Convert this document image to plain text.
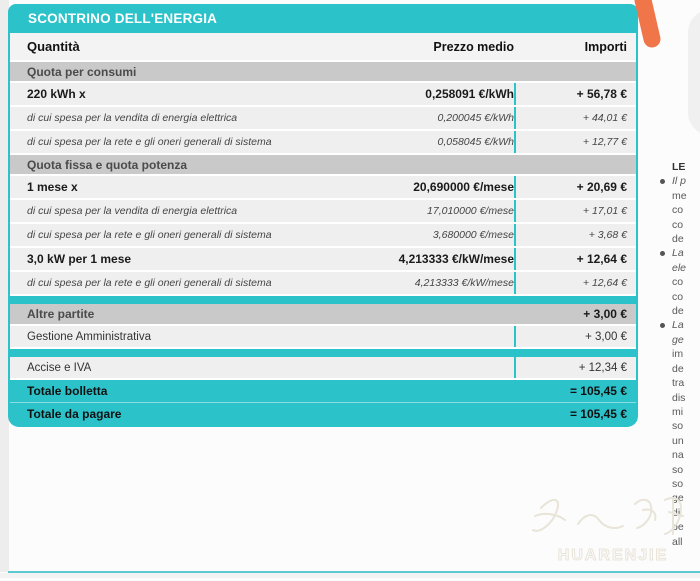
SCONTRINO DELL'ENERGIA
Quantità	Prezzo medio	Importi
Quota per consumi
220 kWh x	0,258091 €/kWh	+ 56,78 €
di cui spesa per la vendita di energia elettrica	0,200045 €/kWh	+ 44,01 €
di cui spesa per la rete e gli oneri generali di sistema	0,058045 €/kWh	+ 12,77 €
Quota fissa e quota potenza
1 mese x	20,690000 €/mese	+ 20,69 €
di cui spesa per la vendita di energia elettrica	17,010000 €/mese	+ 17,01 €
di cui spesa per la rete e gli oneri generali di sistema	3,680000 €/mese	+ 3,68 €
3,0 kW per 1 mese	4,213333 €/kW/mese	+ 12,64 €
di cui spesa per la rete e gli oneri generali di sistema	4,213333 €/kW/mese	+ 12,64 €
Altre partite	+ 3,00 €
Gestione Amministrativa	+ 3,00 €
Accise e IVA	+ 12,34 €
Totale bolletta	= 105,45 €
Totale da pagare	= 105,45 €
LE
Il p
me
co
co
de
La
ele
co
co
de
La
ge
im
de
tra
dis
mi
so
un
na
so
so
ge
di
pe
all
HUARENJIE
